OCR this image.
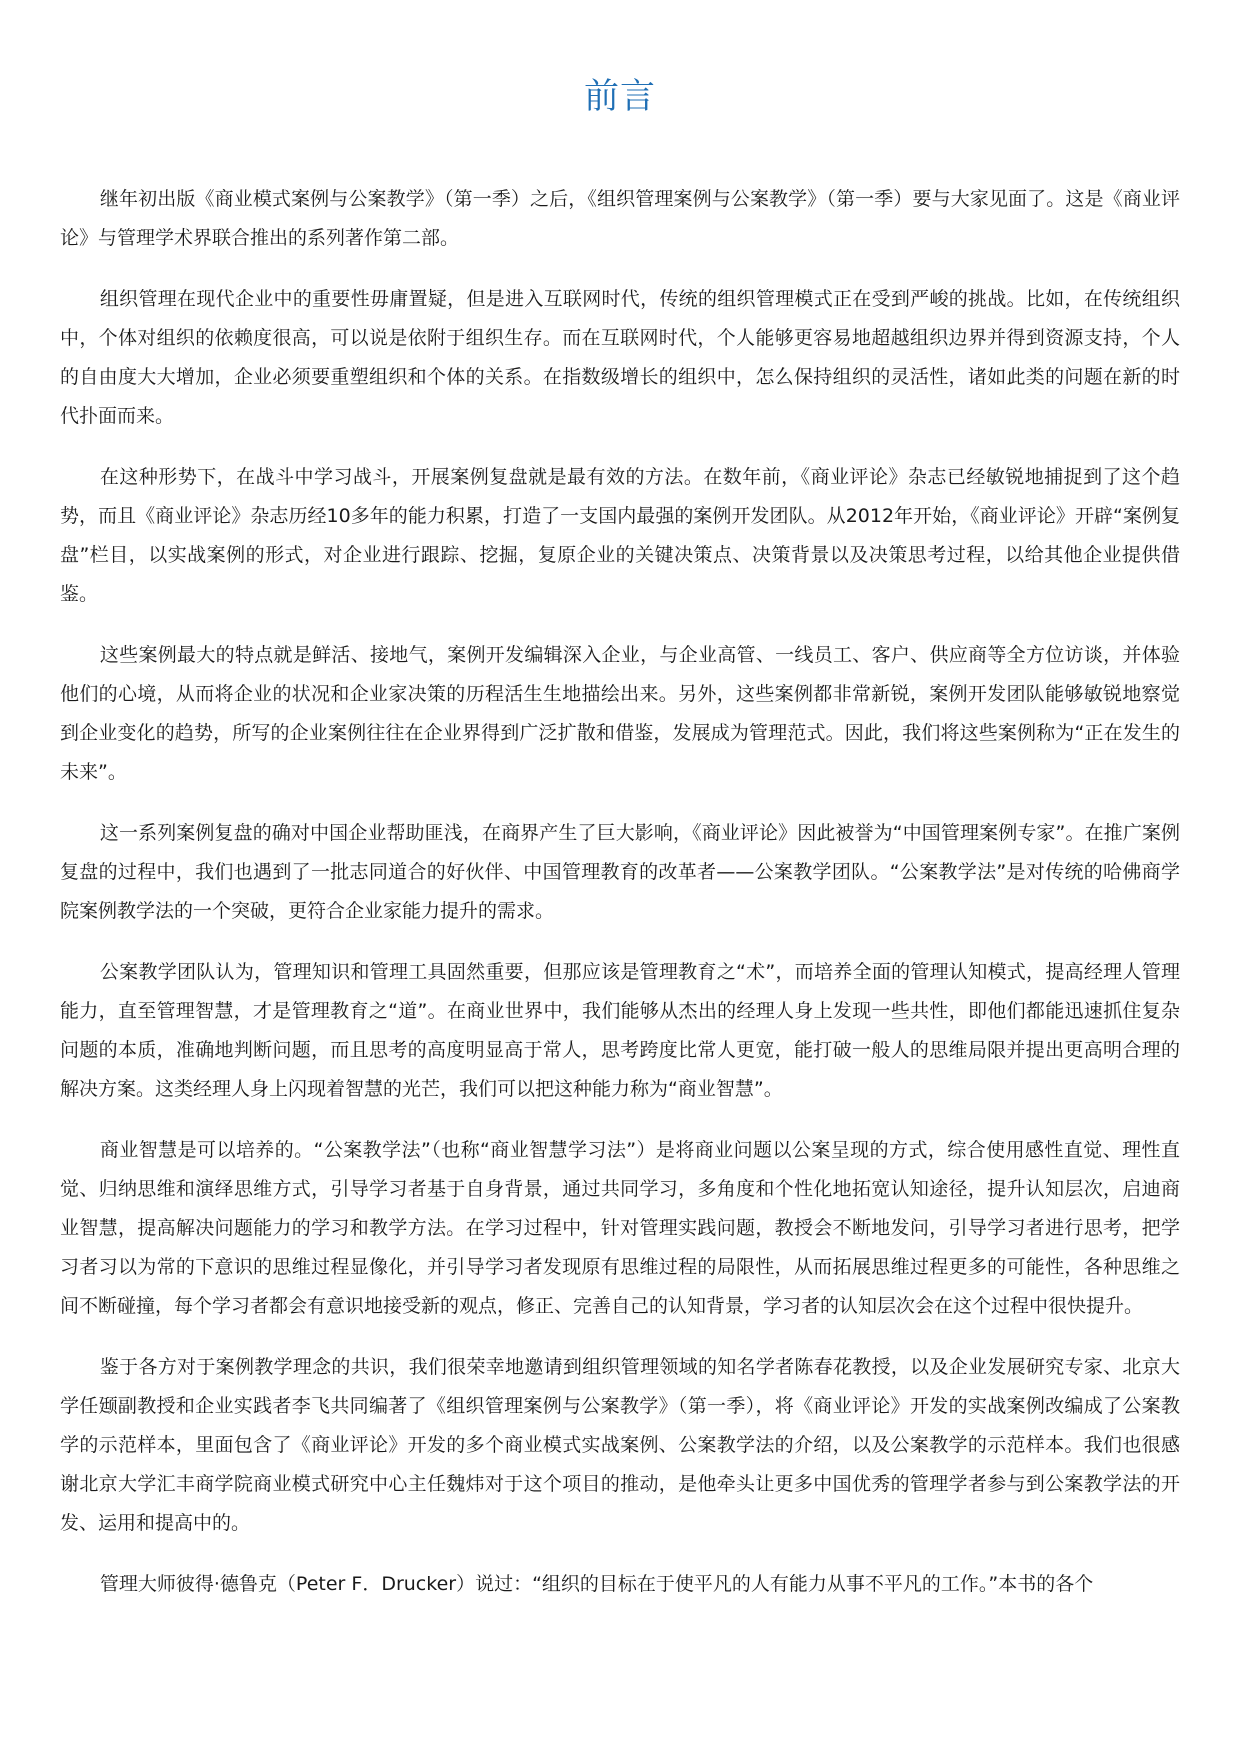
前言

继年初出版《商业模式案例与公案教学》（第一季）之后，《组织管理案例与公案教学》（第一季）要与大家见面了。这是《商业评论》与管理学术界联合推出的系列著作第二部。

组织管理在现代企业中的重要性毋庸置疑，但是进入互联网时代，传统的组织管理模式正在受到严峻的挑战。比如，在传统组织中，个体对组织的依赖度很高，可以说是依附于组织生存。而在互联网时代，个人能够更容易地超越组织边界并得到资源支持，个人的自由度大大增加，企业必须要重塑组织和个体的关系。在指数级增长的组织中，怎么保持组织的灵活性，诸如此类的问题在新的时代扑面而来。

在这种形势下，在战斗中学习战斗，开展案例复盘就是最有效的方法。在数年前，《商业评论》杂志已经敏锐地捕捉到了这个趋势，而且《商业评论》杂志历经10多年的能力积累，打造了一支国内最强的案例开发团队。从2012年开始，《商业评论》开辟“案例复盘”栏目，以实战案例的形式，对企业进行跟踪、挖掘，复原企业的关键决策点、决策背景以及决策思考过程，以给其他企业提供借鉴。

这些案例最大的特点就是鲜活、接地气，案例开发编辑深入企业，与企业高管、一线员工、客户、供应商等全方位访谈，并体验他们的心境，从而将企业的状况和企业家决策的历程活生生地描绘出来。另外，这些案例都非常新锐，案例开发团队能够敏锐地察觉到企业变化的趋势，所写的企业案例往往在企业界得到广泛扩散和借鉴，发展成为管理范式。因此，我们将这些案例称为“正在发生的未来”。

这一系列案例复盘的确对中国企业帮助匪浅，在商界产生了巨大影响，《商业评论》因此被誉为“中国管理案例专家”。在推广案例复盘的过程中，我们也遇到了一批志同道合的好伙伴、中国管理教育的改革者——公案教学团队。“公案教学法”是对传统的哈佛商学院案例教学法的一个突破，更符合企业家能力提升的需求。

公案教学团队认为，管理知识和管理工具固然重要，但那应该是管理教育之“术”，而培养全面的管理认知模式，提高经理人管理能力，直至管理智慧，才是管理教育之“道”。在商业世界中，我们能够从杰出的经理人身上发现一些共性，即他们都能迅速抓住复杂问题的本质，准确地判断问题，而且思考的高度明显高于常人，思考跨度比常人更宽，能打破一般人的思维局限并提出更高明合理的解决方案。这类经理人身上闪现着智慧的光芒，我们可以把这种能力称为“商业智慧”。

商业智慧是可以培养的。“公案教学法”（也称“商业智慧学习法”）是将商业问题以公案呈现的方式，综合使用感性直觉、理性直觉、归纳思维和演绎思维方式，引导学习者基于自身背景，通过共同学习，多角度和个性化地拓宽认知途径，提升认知层次，启迪商业智慧，提高解决问题能力的学习和教学方法。在学习过程中，针对管理实践问题，教授会不断地发问，引导学习者进行思考，把学习者习以为常的下意识的思维过程显像化，并引导学习者发现原有思维过程的局限性，从而拓展思维过程更多的可能性，各种思维之间不断碰撞，每个学习者都会有意识地接受新的观点，修正、完善自己的认知背景，学习者的认知层次会在这个过程中很快提升。

鉴于各方对于案例教学理念的共识，我们很荣幸地邀请到组织管理领域的知名学者陈春花教授，以及企业发展研究专家、北京大学任颋副教授和企业实践者李飞共同编著了《组织管理案例与公案教学》（第一季），将《商业评论》开发的实战案例改编成了公案教学的示范样本，里面包含了《商业评论》开发的多个商业模式实战案例、公案教学法的介绍，以及公案教学的示范样本。我们也很感谢北京大学汇丰商学院商业模式研究中心主任魏炜对于这个项目的推动，是他牵头让更多中国优秀的管理学者参与到公案教学法的开发、运用和提高中的。

管理大师彼得·德鲁克（Peter F．Drucker）说过：“组织的目标在于使平凡的人有能力从事不平凡的工作。”本书的各个
